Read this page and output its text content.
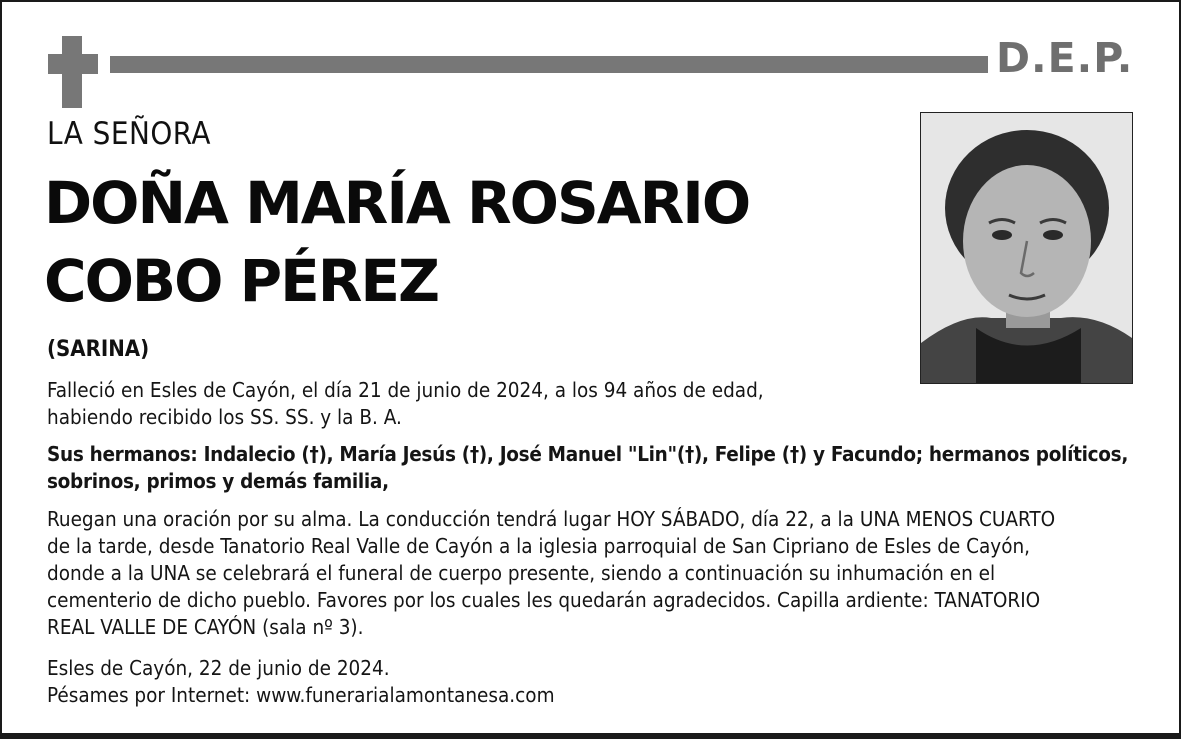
D.E.P.
LA SEÑORA
DOÑA MARÍA ROSARIO
COBO PÉREZ
(SARINA)
Falleció en Esles de Cayón, el día 21 de junio de 2024, a los 94 años de edad,
habiendo recibido los SS. SS. y la B. A.
Sus hermanos: Indalecio (†), María Jesús (†), José Manuel "Lin"(†), Felipe (†) y Facundo; hermanos políticos,
sobrinos, primos y demás familia,
Ruegan una oración por su alma. La conducción tendrá lugar HOY SÁBADO, día 22, a la UNA MENOS CUARTO
de la tarde, desde Tanatorio Real Valle de Cayón a la iglesia parroquial de San Cipriano de Esles de Cayón,
donde a la UNA se celebrará el funeral de cuerpo presente, siendo a continuación su inhumación en el
cementerio de dicho pueblo. Favores por los cuales les quedarán agradecidos. Capilla ardiente: TANATORIO
REAL VALLE DE CAYÓN (sala nº 3).
Esles de Cayón, 22 de junio de 2024.
Pésames por Internet: www.funerarialamontanesa.com
